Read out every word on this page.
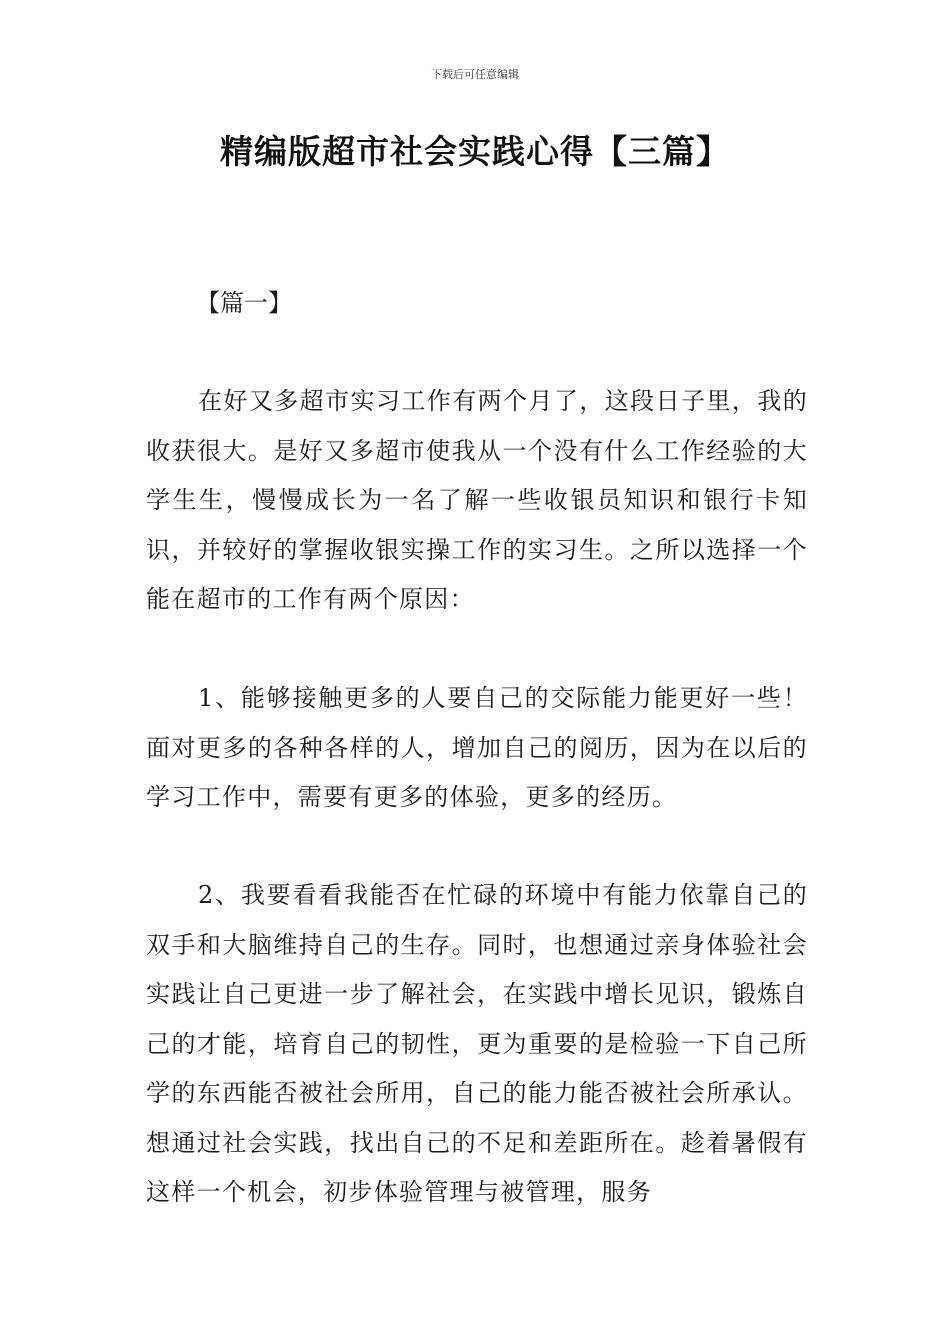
下载后可任意编辑
精编版超市社会实践心得【三篇】
【篇一】

在好又多超市实习工作有两个月了，这段日子里，我的收获很大。是好又多超市使我从一个没有什么工作经验的大学生生，慢慢成长为一名了解一些收银员知识和银行卡知识，并较好的掌握收银实操工作的实习生。之所以选择一个能在超市的工作有两个原因：

1、能够接触更多的人要自己的交际能力能更好一些！面对更多的各种各样的人，增加自己的阅历，因为在以后的学习工作中，需要有更多的体验，更多的经历。

2、我要看看我能否在忙碌的环境中有能力依靠自己的双手和大脑维持自己的生存。同时，也想通过亲身体验社会实践让自己更进一步了解社会，在实践中增长见识，锻炼自己的才能，培育自己的韧性，更为重要的是检验一下自己所学的东西能否被社会所用，自己的能力能否被社会所承认。想通过社会实践，找出自己的不足和差距所在。趁着暑假有这样一个机会，初步体验管理与被管理，服务
